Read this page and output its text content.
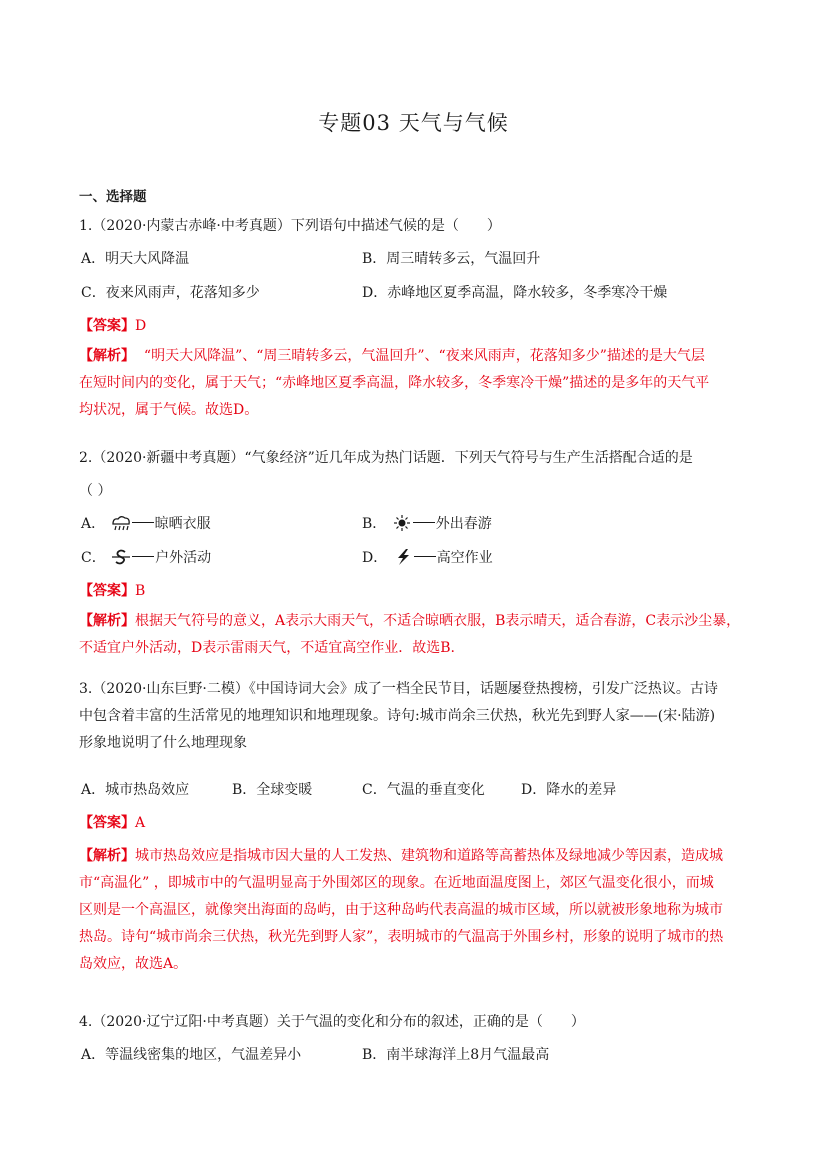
专题03 天气与气候
一、选择题
1.（2020·内蒙古赤峰·中考真题）下列语句中描述气候的是（　　）
A．明天大风降温	B．周三晴转多云，气温回升
C．夜来风雨声，花落知多少	D．赤峰地区夏季高温，降水较多，冬季寒冷干燥
【答案】D
【解析】 “明天大风降温”、“周三晴转多云，气温回升”、“夜来风雨声，花落知多少”描述的是大气层
在短时间内的变化，属于天气；“赤峰地区夏季高温，降水较多，冬季寒冷干燥”描述的是多年的天气平
均状况，属于气候。故选D。
2.（2020·新疆中考真题）“气象经济”近几年成为热门话题．下列天气符号与生产生活搭配合适的是
（ ）
A．	晾晒衣服	B．	外出春游
C．	户外活动	D．	高空作业
【答案】B
【解析】根据天气符号的意义，A表示大雨天气，不适合晾晒衣服，B表示晴天，适合春游，C表示沙尘暴，
不适宜户外活动，D表示雷雨天气，不适宜高空作业．故选B.
3.（2020·山东巨野·二模）《中国诗词大会》成了一档全民节目，话题屡登热搜榜，引发广泛热议。古诗
中包含着丰富的生活常见的地理知识和地理现象。诗句:城市尚余三伏热，秋光先到野人家——(宋·陆游)
形象地说明了什么地理现象
A．城市热岛效应	B．全球变暖	C．气温的垂直变化	D．降水的差异
【答案】A
【解析】城市热岛效应是指城市因大量的人工发热、建筑物和道路等高蓄热体及绿地减少等因素，造成城
市“高温化” ，即城市中的气温明显高于外围郊区的现象。在近地面温度图上，郊区气温变化很小，而城
区则是一个高温区，就像突出海面的岛屿，由于这种岛屿代表高温的城市区域，所以就被形象地称为城市
热岛。诗句“城市尚余三伏热，秋光先到野人家”，表明城市的气温高于外围乡村，形象的说明了城市的热
岛效应，故选A。
4.（2020·辽宁辽阳·中考真题）关于气温的变化和分布的叙述，正确的是（　　）
A．等温线密集的地区，气温差异小	B．南半球海洋上8月气温最高
